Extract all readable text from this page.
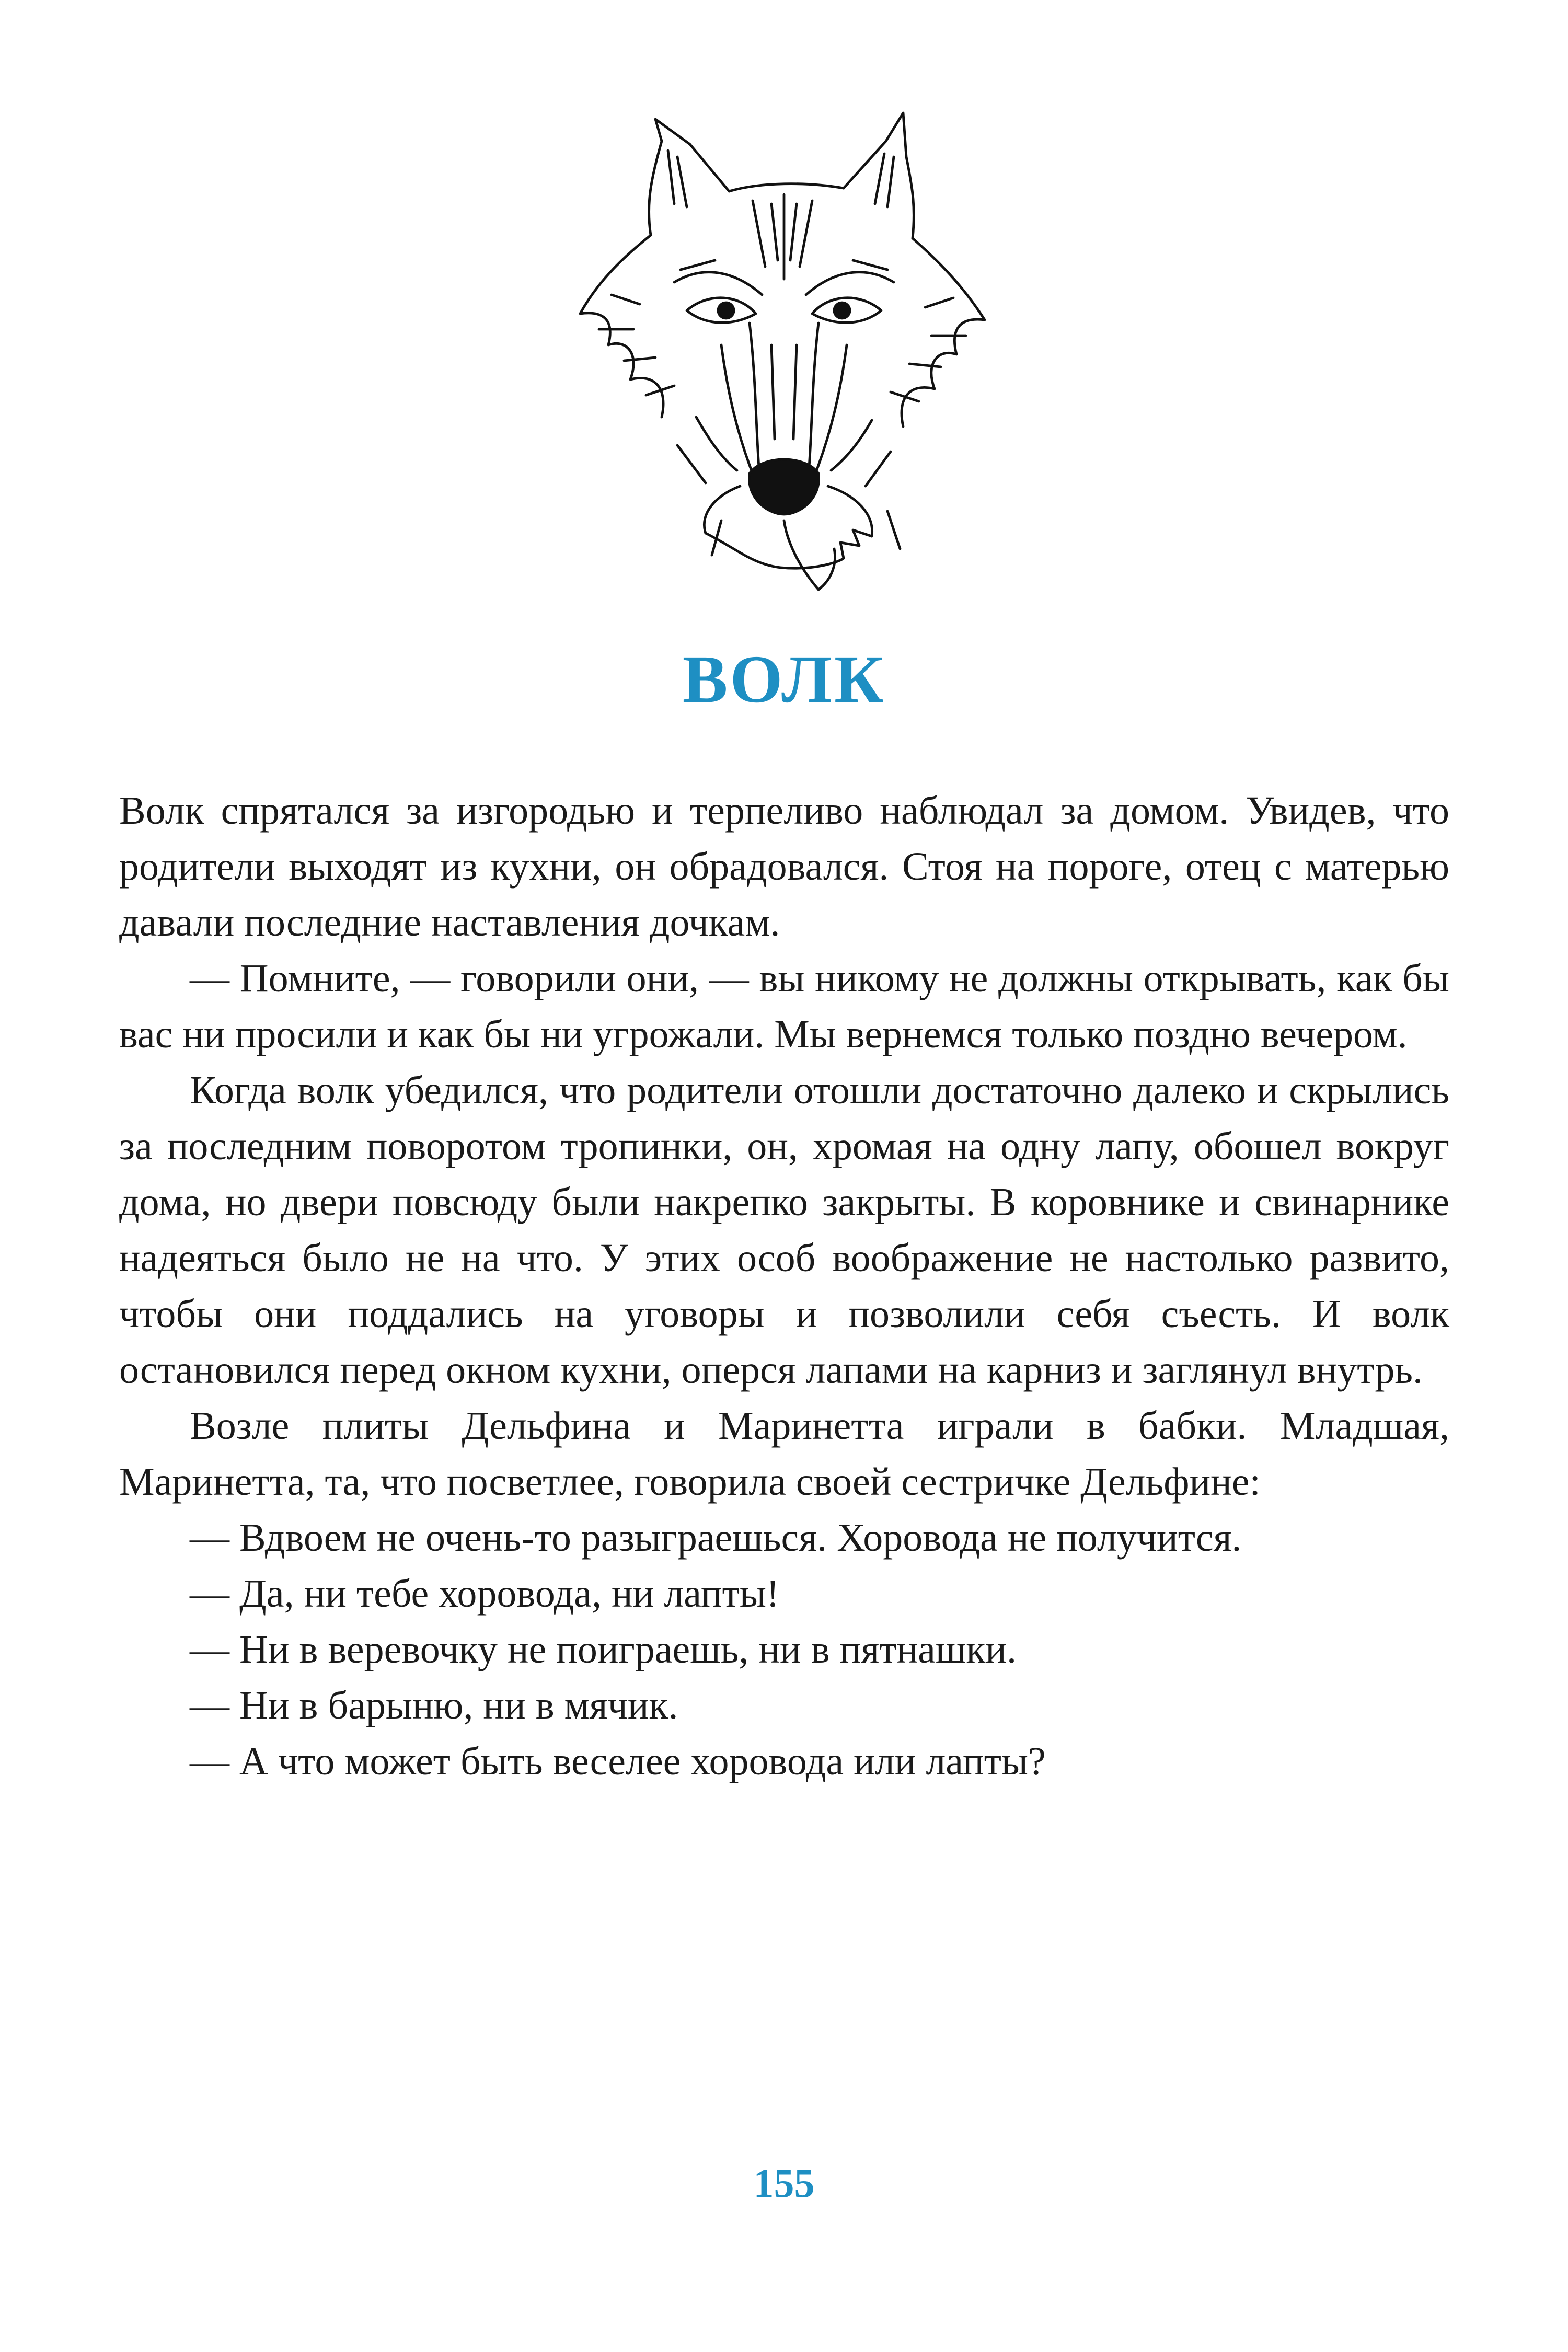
ВОЛК

Волк спрятался за изгородью и терпеливо наблюдал за домом. Увидев, что родители выходят из кухни, он обрадовался. Стоя на пороге, отец с матерью давали последние наставления дочкам.

— Помните, — говорили они, — вы никому не должны открывать, как бы вас ни просили и как бы ни угрожали. Мы вернемся только поздно вечером.

Когда волк убедился, что родители отошли достаточно далеко и скрылись за последним поворотом тропинки, он, хромая на одну лапу, обошел вокруг дома, но двери повсюду были накрепко закрыты. В коровнике и свинарнике надеяться было не на что. У этих особ воображение не настолько развито, чтобы они поддались на уговоры и позволили себя съесть. И волк остановился перед окном кухни, оперся лапами на карниз и заглянул внутрь.

Возле плиты Дельфина и Маринетта играли в бабки. Младшая, Маринетта, та, что посветлее, говорила своей сестричке Дельфине:

— Вдвоем не очень-то разыграешься. Хоровода не получится.

— Да, ни тебе хоровода, ни лапты!

— Ни в веревочку не поиграешь, ни в пятнашки.

— Ни в барыню, ни в мячик.

— А что может быть веселее хоровода или лапты?

155
